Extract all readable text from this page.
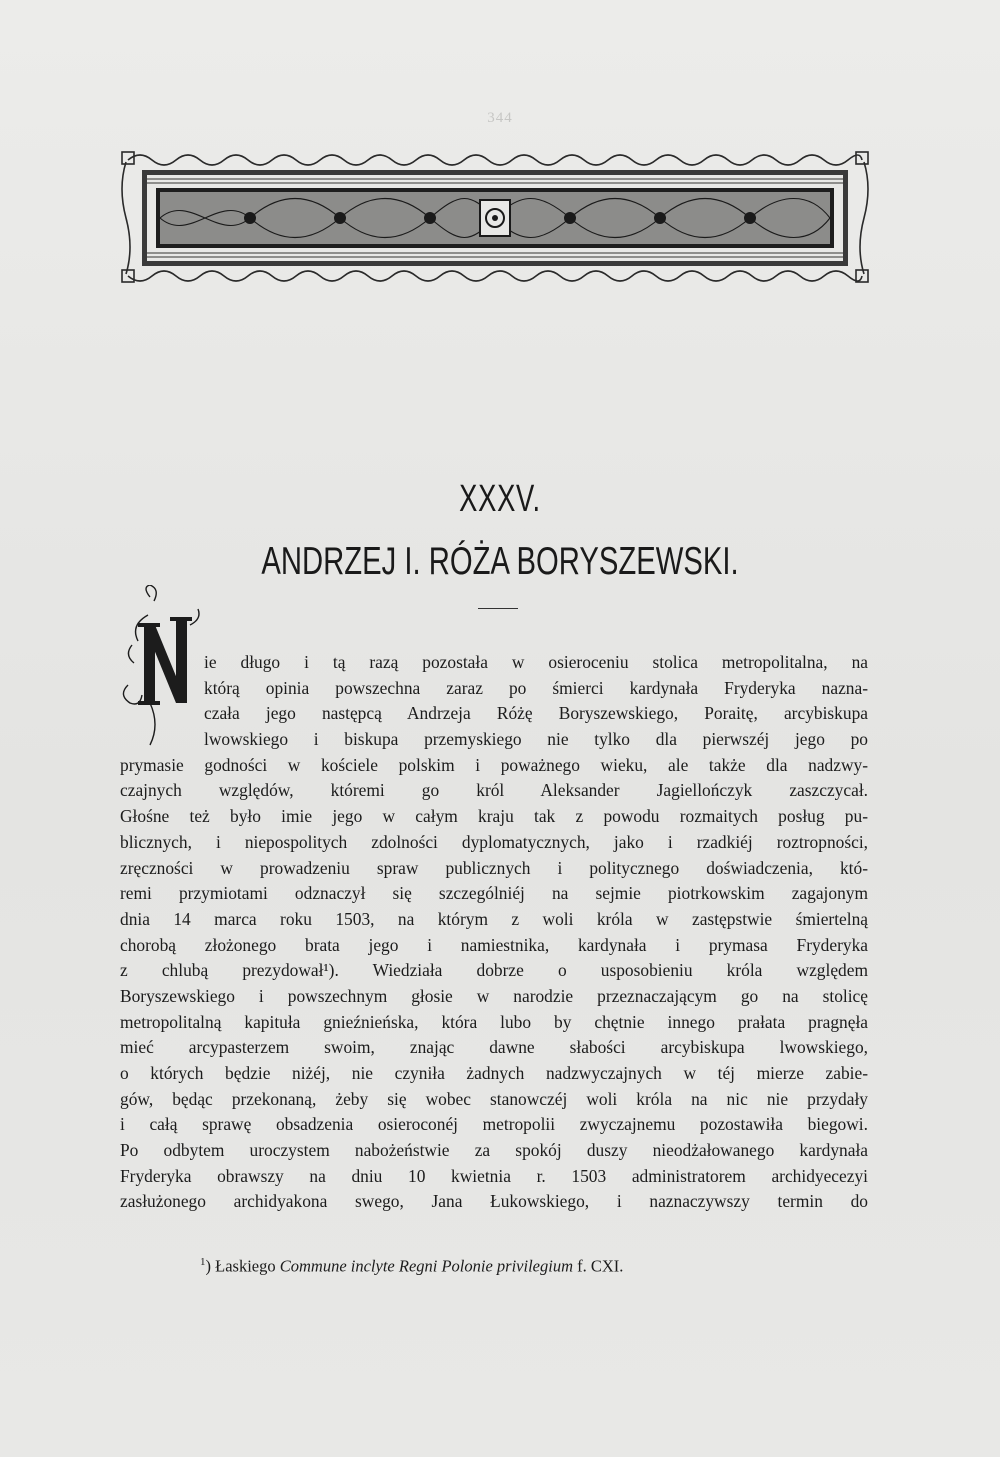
344
XXXV.
ANDRZEJ I. RÓŻA BORYSZEWSKI.
ie długo i tą razą pozostała w osieroceniu stolica metropolitalna, na
którą opinia powszechna zaraz po śmierci kardynała Fryderyka nazna-
czała jego następcą Andrzeja Różę Boryszewskiego, Poraitę, arcybiskupa
lwowskiego i biskupa przemyskiego nie tylko dla pierwszéj jego po
prymasie godności w kościele polskim i poważnego wieku, ale także dla nadzwy-
czajnych względów, któremi go król Aleksander Jagiellończyk zaszczycał.
Głośne też było imie jego w całym kraju tak z powodu rozmaitych posług pu-
blicznych, i niepospolitych zdolności dyplomatycznych, jako i rzadkiéj roztropności,
zręczności w prowadzeniu spraw publicznych i politycznego doświadczenia, któ-
remi przymiotami odznaczył się szczególniéj na sejmie piotrkowskim zagajonym
dnia 14 marca roku 1503, na którym z woli króla w zastępstwie śmiertelną
chorobą złożonego brata jego i namiestnika, kardynała i prymasa Fryderyka
z chlubą prezydował¹). Wiedziała dobrze o usposobieniu króla względem
Boryszewskiego i powszechnym głosie w narodzie przeznaczającym go na stolicę
metropolitalną kapituła gnieźnieńska, która lubo by chętnie innego prałata pragnęła
mieć arcypasterzem swoim, znając dawne słabości arcybiskupa lwowskiego,
o których będzie niżéj, nie czyniła żadnych nadzwyczajnych w téj mierze zabie-
gów, będąc przekonaną, żeby się wobec stanowczéj woli króla na nic nie przydały
i całą sprawę obsadzenia osieroconéj metropolii zwyczajnemu pozostawiła biegowi.
Po odbytem uroczystem nabożeństwie za spokój duszy nieodżałowanego kardynała
Fryderyka obrawszy na dniu 10 kwietnia r. 1503 administratorem archidyecezyi
zasłużonego archidyakona swego, Jana Łukowskiego, i naznaczywszy termin do
$^1$) Łaskiego Commune inclyte Regni Polonie privilegium f. CXI.
